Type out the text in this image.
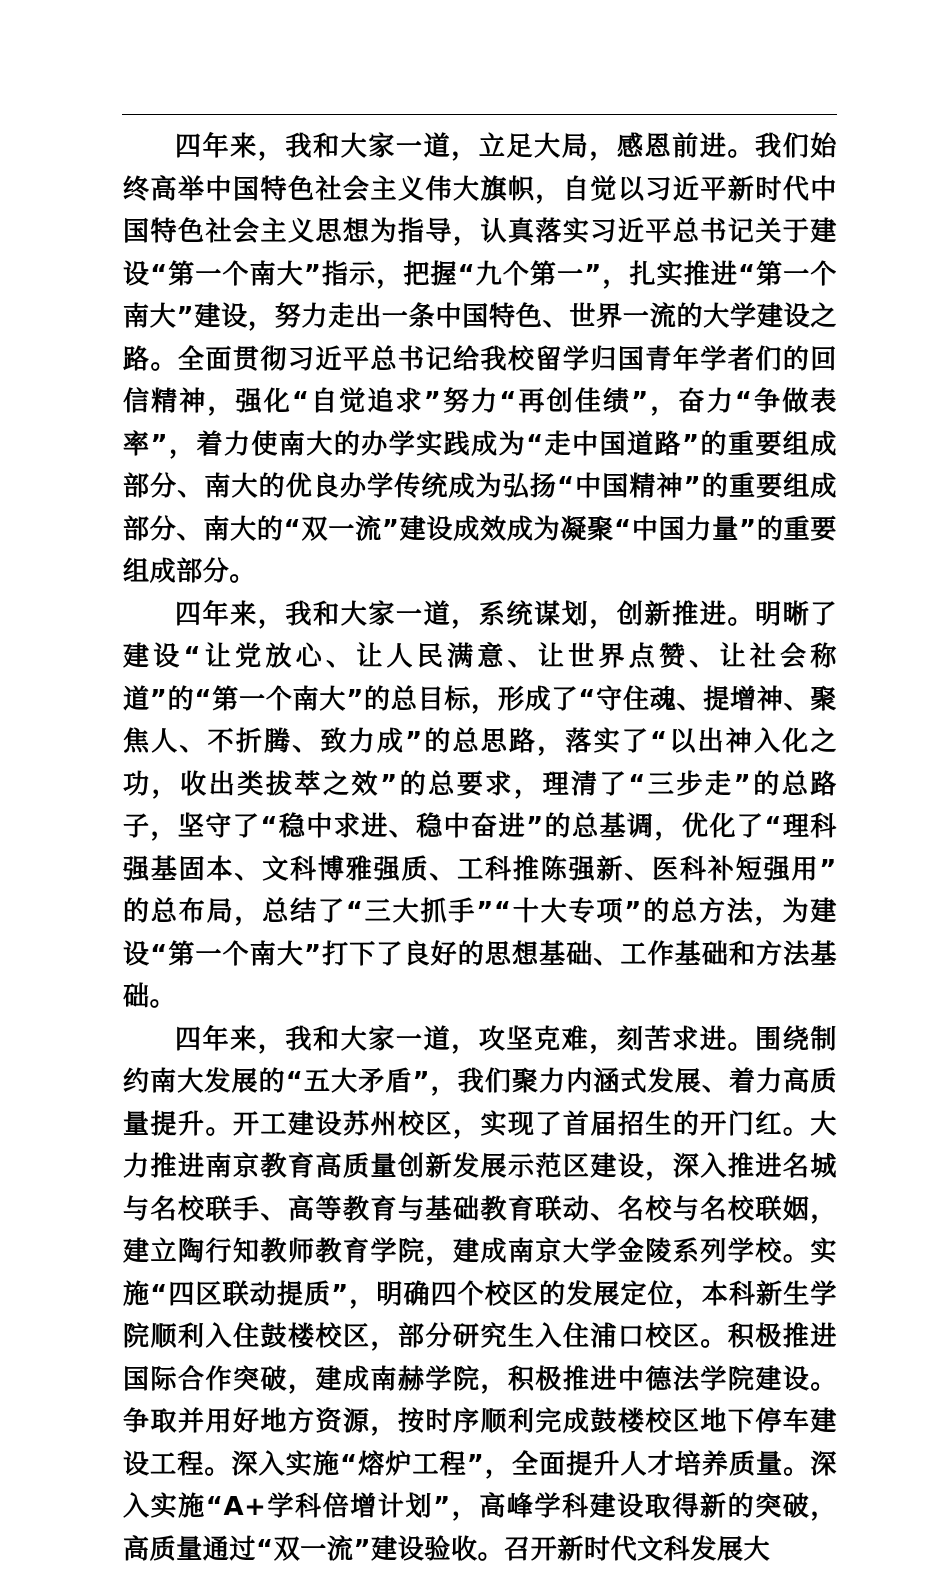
四年来，我和大家一道，立足大局，感恩前进。我们始终高举中国特色社会主义伟大旗帜，自觉以习近平新时代中国特色社会主义思想为指导，认真落实习近平总书记关于建设“第一个南大”指示，把握“九个第一”，扎实推进“第一个南大”建设，努力走出一条中国特色、世界一流的大学建设之路。全面贯彻习近平总书记给我校留学归国青年学者们的回信精神，强化“自觉追求”努力“再创佳绩”，奋力“争做表率”，着力使南大的办学实践成为“走中国道路”的重要组成部分、南大的优良办学传统成为弘扬“中国精神”的重要组成部分、南大的“双一流”建设成效成为凝聚“中国力量”的重要组成部分。

四年来，我和大家一道，系统谋划，创新推进。明晰了建设“让党放心、让人民满意、让世界点赞、让社会称道”的“第一个南大”的总目标，形成了“守住魂、提增神、聚焦人、不折腾、致力成”的总思路，落实了“以出神入化之功，收出类拔萃之效”的总要求，理清了“三步走”的总路子，坚守了“稳中求进、稳中奋进”的总基调，优化了“理科强基固本、文科博雅强质、工科推陈强新、医科补短强用” 的总布局，总结了“三大抓手”“十大专项”的总方法，为建设“第一个南大”打下了良好的思想基础、工作基础和方法基础。

四年来，我和大家一道，攻坚克难，刻苦求进。围绕制约南大发展的“五大矛盾”，我们聚力内涵式发展、着力高质量提升。开工建设苏州校区，实现了首届招生的开门红。大力推进南京教育高质量创新发展示范区建设，深入推进名城与名校联手、高等教育与基础教育联动、名校与名校联姻，建立陶行知教师教育学院，建成南京大学金陵系列学校。实施“四区联动提质”，明确四个校区的发展定位，本科新生学院顺利入住鼓楼校区，部分研究生入住浦口校区。积极推进国际合作突破，建成南赫学院，积极推进中德法学院建设。争取并用好地方资源，按时序顺利完成鼓楼校区地下停车建设工程。深入实施“熔炉工程”，全面提升人才培养质量。深入实施“A+学科倍增计划”，高峰学科建设取得新的突破，高质量通过“双一流”建设验收。召开新时代文科发展大
